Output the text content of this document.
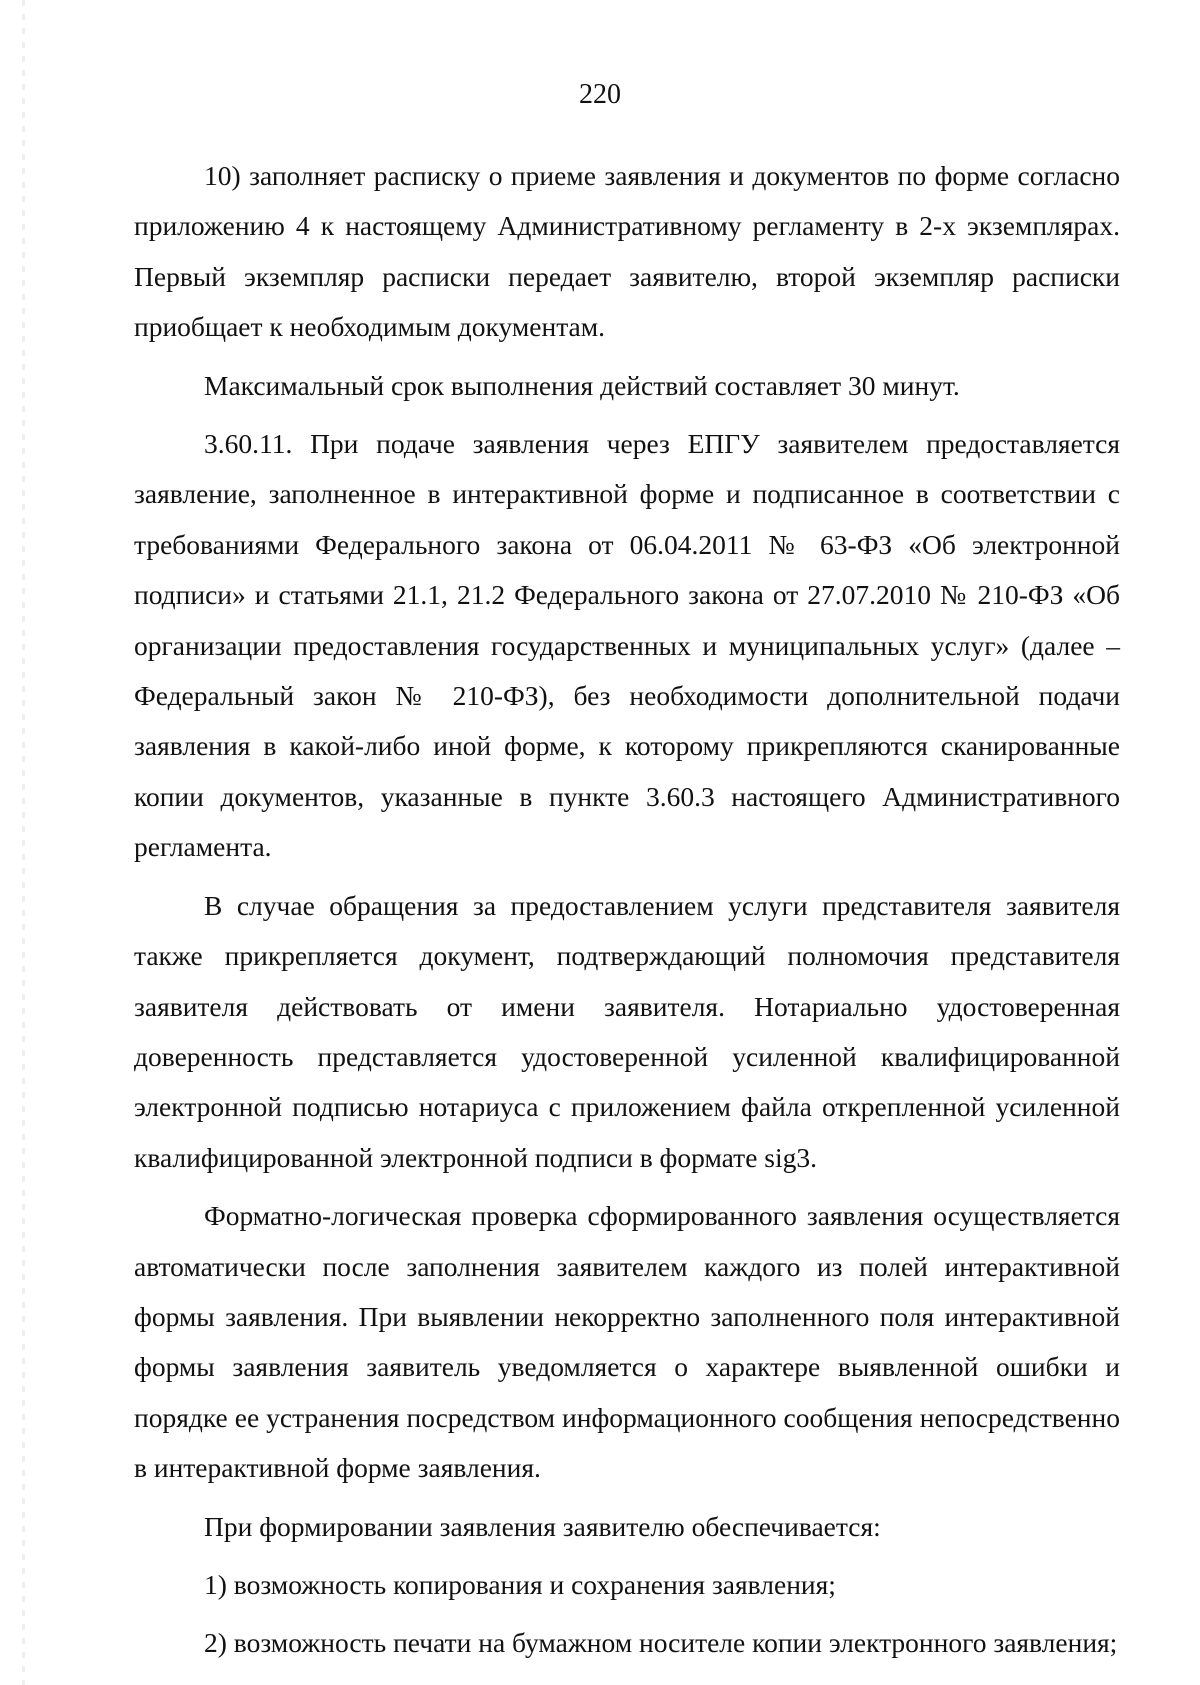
220

10) заполняет расписку о приеме заявления и документов по форме согласно приложению 4 к настоящему Административному регламенту в 2-х экземплярах. Первый экземпляр расписки передает заявителю, второй экземпляр расписки приобщает к необходимым документам.

Максимальный срок выполнения действий составляет 30 минут.

3.60.11. При подаче заявления через ЕПГУ заявителем предоставляется заявление, заполненное в интерактивной форме и подписанное в соответствии с требованиями Федерального закона от 06.04.2011 № 63-ФЗ «Об электронной подписи» и статьями 21.1, 21.2 Федерального закона от 27.07.2010 № 210-ФЗ «Об организации предоставления государственных и муниципальных услуг» (далее – Федеральный закон № 210-ФЗ), без необходимости дополнительной подачи заявления в какой-либо иной форме, к которому прикрепляются сканированные копии документов, указанные в пункте 3.60.3 настоящего Административного регламента.

В случае обращения за предоставлением услуги представителя заявителя также прикрепляется документ, подтверждающий полномочия представителя заявителя действовать от имени заявителя. Нотариально удостоверенная доверенность представляется удостоверенной усиленной квалифицированной электронной подписью нотариуса с приложением файла открепленной усиленной квалифицированной электронной подписи в формате sig3.

Форматно-логическая проверка сформированного заявления осуществляется автоматически после заполнения заявителем каждого из полей интерактивной формы заявления. При выявлении некорректно заполненного поля интерактивной формы заявления заявитель уведомляется о характере выявленной ошибки и порядке ее устранения посредством информационного сообщения непосредственно в интерактивной форме заявления.

При формировании заявления заявителю обеспечивается:

1) возможность копирования и сохранения заявления;

2) возможность печати на бумажном носителе копии электронного заявления;
